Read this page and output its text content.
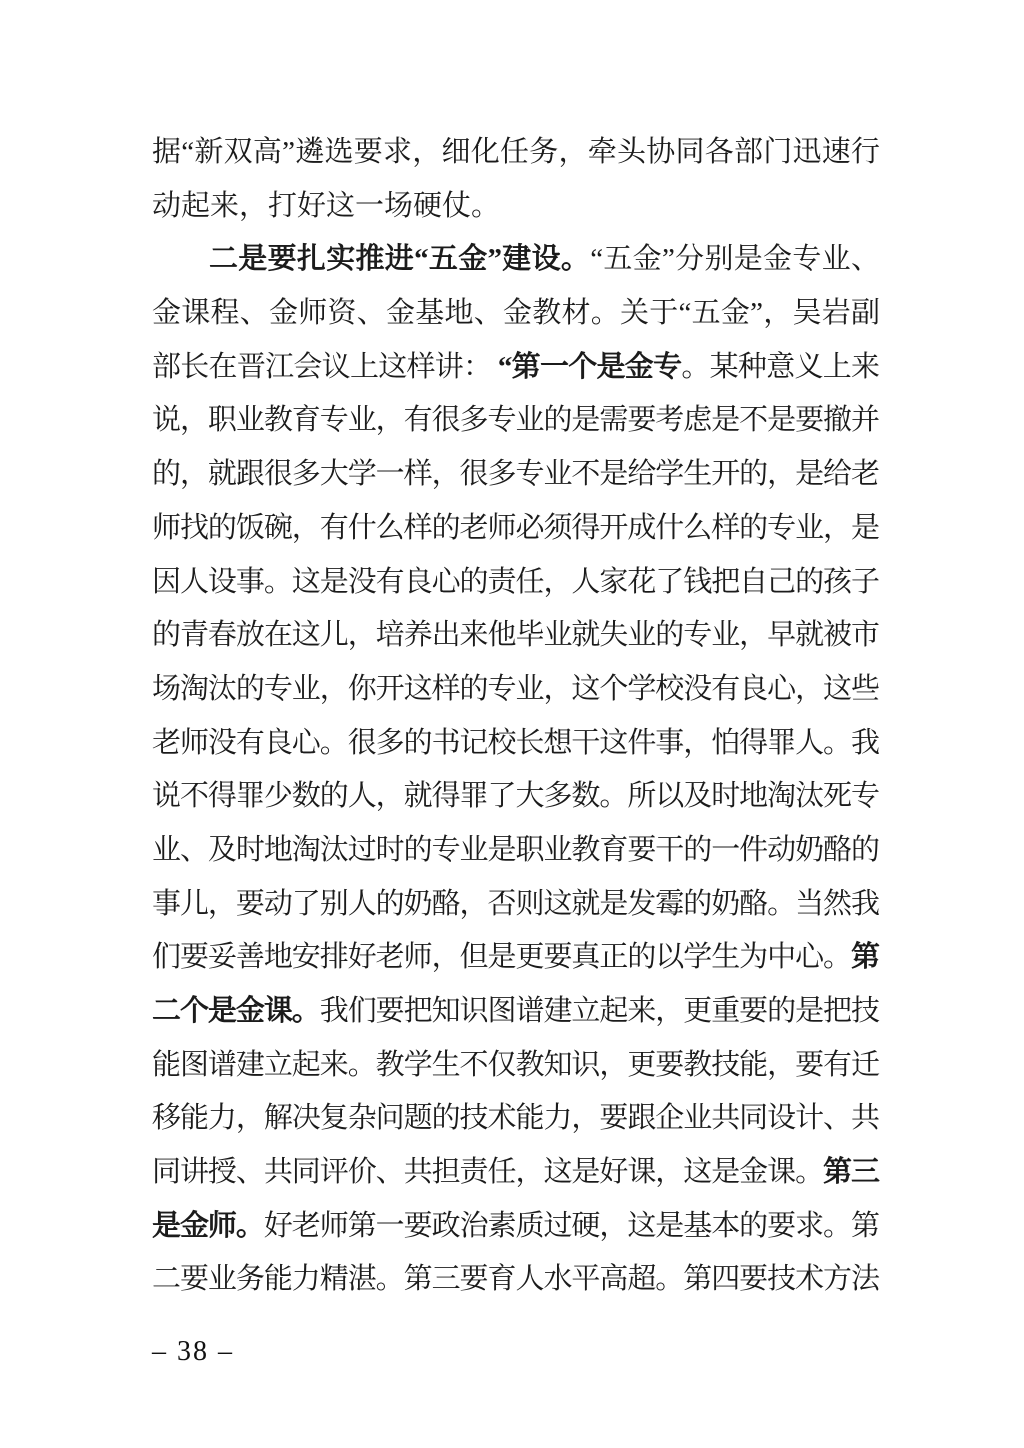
据“新双高”遴选要求，细化任务，牵头协同各部门迅速行
动起来，打好这一场硬仗。
二是要扎实推进“五金”建设。“五金”分别是金专业、
金课程、金师资、金基地、金教材。关于“五金”，吴岩副
部长在晋江会议上这样讲： “第一个是金专。某种意义上来
说，职业教育专业，有很多专业的是需要考虑是不是要撤并
的，就跟很多大学一样，很多专业不是给学生开的，是给老
师找的饭碗，有什么样的老师必须得开成什么样的专业，是
因人设事。这是没有良心的责任，人家花了钱把自己的孩子
的青春放在这儿，培养出来他毕业就失业的专业，早就被市
场淘汰的专业，你开这样的专业，这个学校没有良心，这些
老师没有良心。很多的书记校长想干这件事，怕得罪人。我
说不得罪少数的人，就得罪了大多数。所以及时地淘汰死专
业、及时地淘汰过时的专业是职业教育要干的一件动奶酪的
事儿，要动了别人的奶酪，否则这就是发霉的奶酪。当然我
们要妥善地安排好老师，但是更要真正的以学生为中心。第
二个是金课。我们要把知识图谱建立起来，更重要的是把技
能图谱建立起来。教学生不仅教知识，更要教技能，要有迁
移能力，解决复杂问题的技术能力，要跟企业共同设计、共
同讲授、共同评价、共担责任，这是好课，这是金课。第三
是金师。好老师第一要政治素质过硬，这是基本的要求。第
二要业务能力精湛。第三要育人水平高超。第四要技术方法
– 38 –
